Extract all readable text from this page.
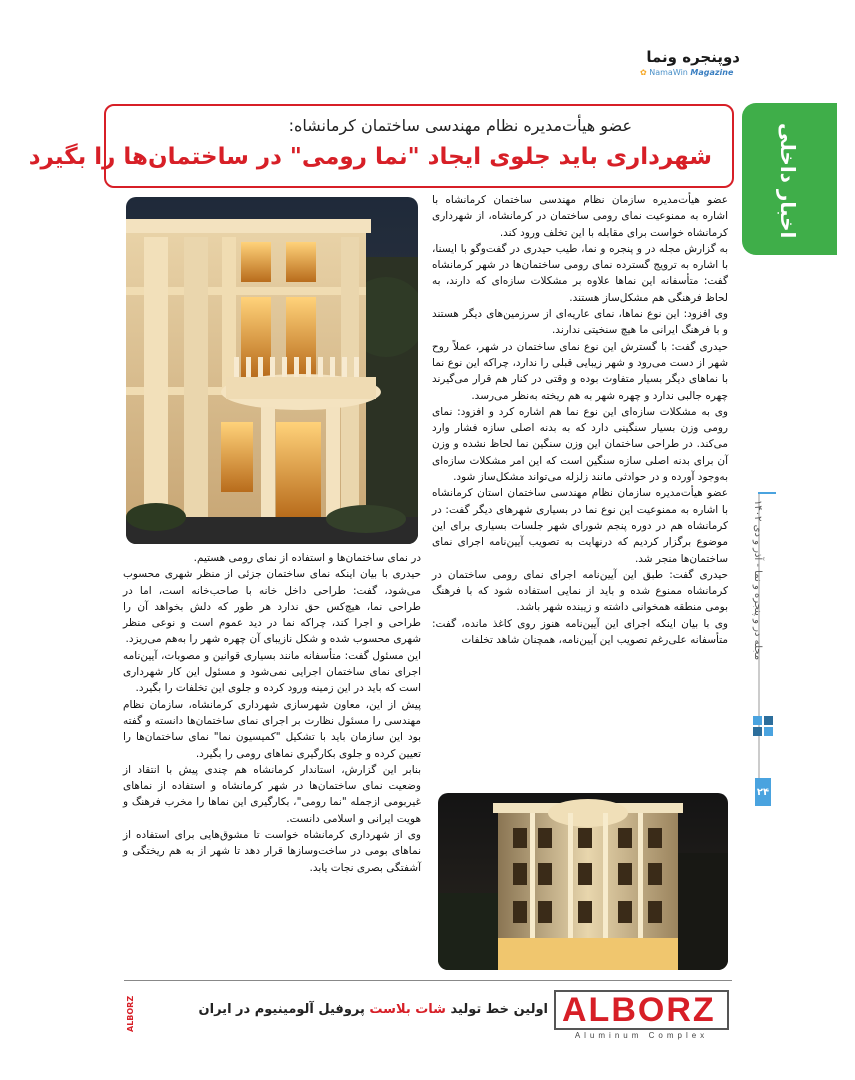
دوپنجره ونما
✿ NamaWin Magazine
اخبار داخلی
عضو هیأت‌مدیره نظام مهندسی ساختمان کرمانشاه:
شهرداری باید جلوی ایجاد "نما رومی" در ساختمان‌ها را بگیرد

عضو هیأت‌مدیره سازمان نظام مهندسی ساختمان کرمانشاه با اشاره به ممنوعیت نمای رومی ساختمان در کرمانشاه، از شهرداری کرمانشاه خواست برای مقابله با این تخلف ورود کند.

به گزارش مجله در و پنجره و نما، طیب حیدری در گفت‌وگو با ایسنا، با اشاره به ترویج گسترده نمای رومی ساختمان‌ها در شهر کرمانشاه گفت: متأسفانه این نماها علاوه بر مشکلات سازه‌ای که دارند، به لحاظ فرهنگی هم مشکل‌ساز هستند.

وی افزود: این نوع نماها، نمای عاریه‌ای از سرزمین‌های دیگر هستند و با فرهنگ ایرانی ما هیچ سنخیتی ندارند.

حیدری گفت: با گسترش این نوع نمای ساختمان در شهر، عملاً روح شهر از دست می‌رود و شهر زیبایی قبلی را ندارد، چراکه این نوع نما با نماهای دیگر بسیار متفاوت بوده و وقتی در کنار هم قرار می‌گیرند چهره جالبی ندارد و چهره شهر به هم ریخته به‌نظر می‌رسد.

وی به مشکلات سازه‌ای این نوع نما هم اشاره کرد و افزود: نمای رومی وزن بسیار سنگینی دارد که به بدنه اصلی سازه فشار وارد می‌کند. در طراحی ساختمان این وزن سنگین نما لحاظ نشده و وزن آن برای بدنه اصلی سازه سنگین است که این امر مشکلات سازه‌ای به‌وجود آورده و در حوادثی مانند زلزله می‌تواند مشکل‌ساز شود.

عضو هیأت‌مدیره سازمان نظام مهندسی ساختمان استان کرمانشاه با اشاره به ممنوعیت این نوع نما در بسیاری شهرهای دیگر گفت: در کرمانشاه هم در دوره پنجم شورای شهر جلسات بسیاری برای این موضوع برگزار کردیم که درنهایت به تصویب آیین‌نامه اجرای نمای ساختمان‌ها منجر شد.

حیدری گفت: طبق این آیین‌نامه اجرای نمای رومی ساختمان در کرمانشاه ممنوع شده و باید از نمایی استفاده شود که با فرهنگ بومی منطقه همخوانی داشته و زیبنده شهر باشد.

وی با بیان اینکه اجرای این آیین‌نامه هنوز روی کاغذ مانده، گفت: متأسفانه علی‌رغم تصویب این آیین‌نامه، همچنان شاهد تخلفات

در نمای ساختمان‌ها و استفاده از نمای رومی هستیم.

حیدری با بیان اینکه نمای ساختمان جزئی از منظر شهری محسوب می‌شود، گفت: طراحی داخل خانه با صاحب‌خانه است، اما در طراحی نما، هیچ‌کس حق ندارد هر طور که دلش بخواهد آن را طراحی و اجرا کند، چراکه نما در دید عموم است و نوعی منظر شهری محسوب شده و شکل نازیبای آن چهره شهر را به‌هم می‌ریزد.

این مسئول گفت: متأسفانه مانند بسیاری قوانین و مصوبات، آیین‌نامه اجرای نمای ساختمان اجرایی نمی‌شود و مسئول این کار شهرداری است که باید در این زمینه ورود کرده و جلوی این تخلفات را بگیرد.

پیش از این، معاون شهرسازی شهرداری کرمانشاه، سازمان نظام مهندسی را مسئول نظارت بر اجرای نمای ساختمان‌ها دانسته و گفته بود این سازمان باید با تشکیل "کمیسیون نما" نمای ساختمان‌ها را تعیین کرده و جلوی بکارگیری نماهای رومی را بگیرد.

بنابر این گزارش، استاندار کرمانشاه هم چندی پیش با انتقاد از وضعیت نمای ساختمان‌ها در شهر کرمانشاه و استفاده از نماهای غیربومی ازجمله "نما رومی"، بکارگیری این نماها را مخرب فرهنگ و هویت ایرانی و اسلامی دانست.

وی از شهرداری کرمانشاه خواست تا مشوق‌هایی برای استفاده از نماهای بومی در ساخت‌وسازها قرار دهد تا شهر از به هم ریختگی و آشفتگی بصری نجات یابد.

مجله در و پنجره و نما - آذر و دی ۱۴۰۲
۲۴
ALBORZ
Aluminum Complex
اولین خط تولید شات بلاست پروفیل آلومینیوم در ایران
ALBORZ
